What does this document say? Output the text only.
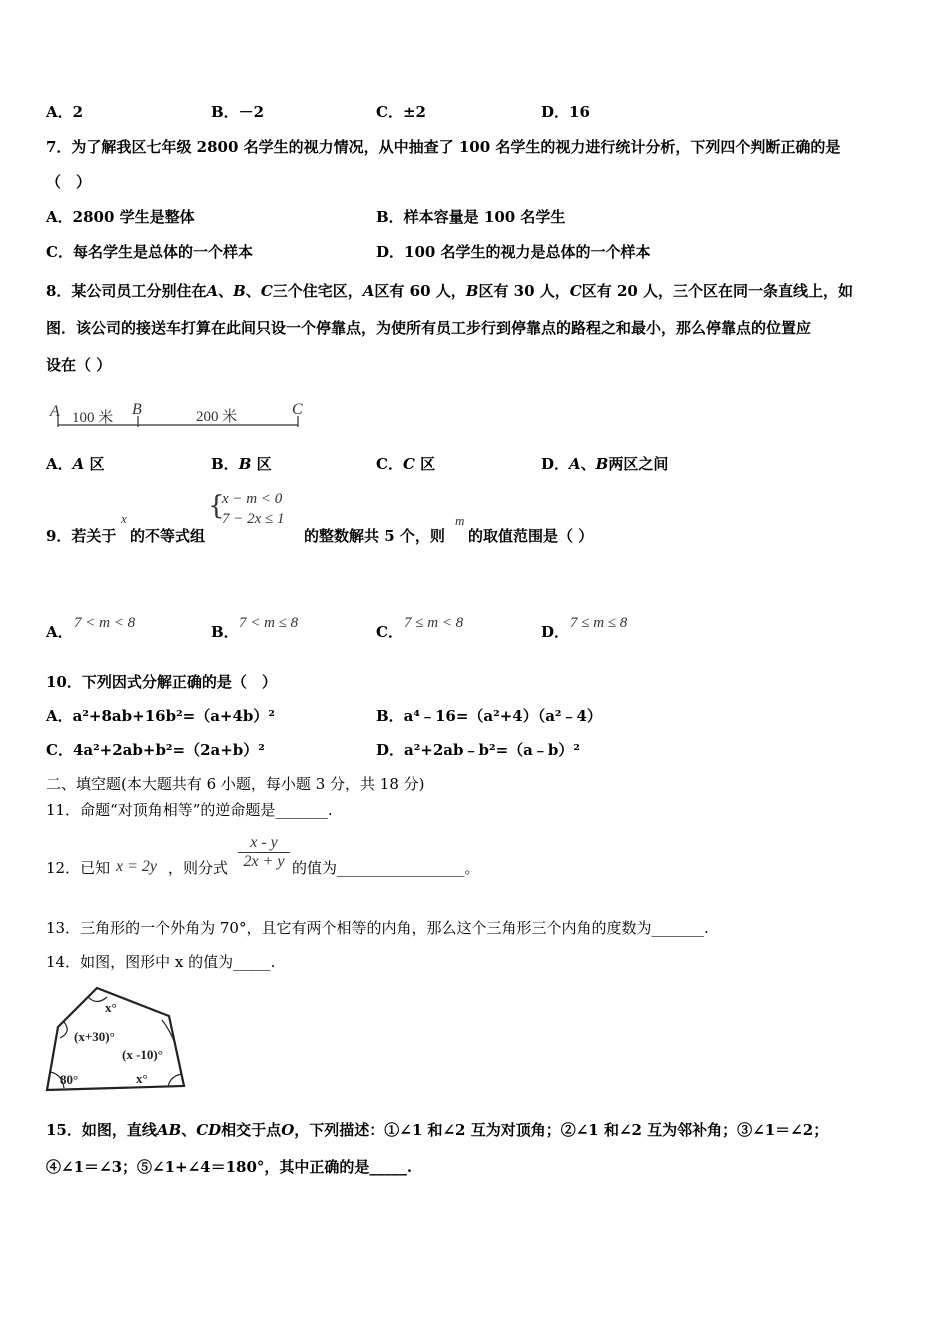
A．2	B．－2	C．±2	D．16
7．为了解我区七年级 2800 名学生的视力情况，从中抽查了 100 名学生的视力进行统计分析，下列四个判断正确的是
（　）
A．2800 学生是整体	B．样本容量是 100 名学生
C．每名学生是总体的一个样本	D．100 名学生的视力是总体的一个样本
8．某公司员工分别住在A、B、C三个住宅区，A区有 60 人，B区有 30 人，C区有 20 人，三个区在同一条直线上，如
图．该公司的接送车打算在此间只设一个停靠点，为使所有员工步行到停靠点的路程之和最小，那么停靠点的位置应
设在（ ）
A	B	C
100 米	200 米
A．A 区	B．B 区	C．C 区	D．A、B两区之间
9．若关于
x
的不等式组
{
x − m < 0
7 − 2x ≤ 1
的整数解共 5 个，则
m
的取值范围是（ ）
A． 7 < m < 8	B． 7 < m ≤ 8	C． 7 ≤ m < 8	D． 7 ≤ m ≤ 8
10．下列因式分解正确的是（　）
A．a²+8ab+16b²=（a+4b）²	B．a⁴﹣16=（a²+4）（a²﹣4）
C．4a²+2ab+b²=（2a+b）²	D．a²+2ab﹣b²=（a﹣b）²
二、填空题(本大题共有 6 小题，每小题 3 分，共 18 分)
11．命题“对顶角相等”的逆命题是_______.
12．已知 x = 2y ，则分式 $\frac{x - y}{2x + y}$ 的值为_________________。
13．三角形的一个外角为 70°，且它有两个相等的内角，那么这个三角形三个内角的度数为_______.
14．如图，图形中 x 的值为_____.
x°
(x+30)°
(x -10)°
80°	x°
15．如图，直线AB、CD相交于点O，下列描述：①∠1 和∠2 互为对顶角；②∠1 和∠2 互为邻补角；③∠1＝∠2；
④∠1＝∠3；⑤∠1+∠4＝180°，其中正确的是_____.
